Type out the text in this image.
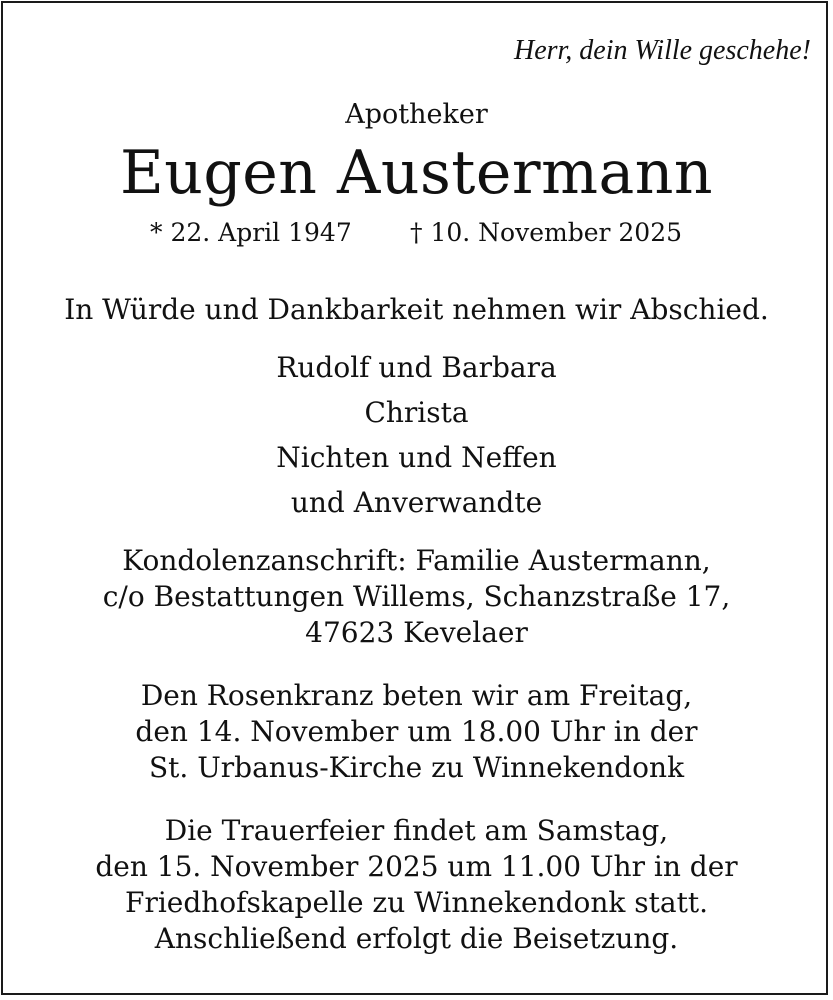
Herr, dein Wille geschehe!
Apotheker
Eugen Austermann
* 22. April 1947 † 10. November 2025
In Würde und Dankbarkeit nehmen wir Abschied.
Rudolf und Barbara
Christa
Nichten und Neffen
und Anverwandte
Kondolenzanschrift: Familie Austermann,
c/o Bestattungen Willems, Schanzstraße 17,
47623 Kevelaer
Den Rosenkranz beten wir am Freitag,
den 14. November um 18.00 Uhr in der
St. Urbanus-Kirche zu Winnekendonk
Die Trauerfeier findet am Samstag,
den 15. November 2025 um 11.00 Uhr in der
Friedhofskapelle zu Winnekendonk statt.
Anschließend erfolgt die Beisetzung.
